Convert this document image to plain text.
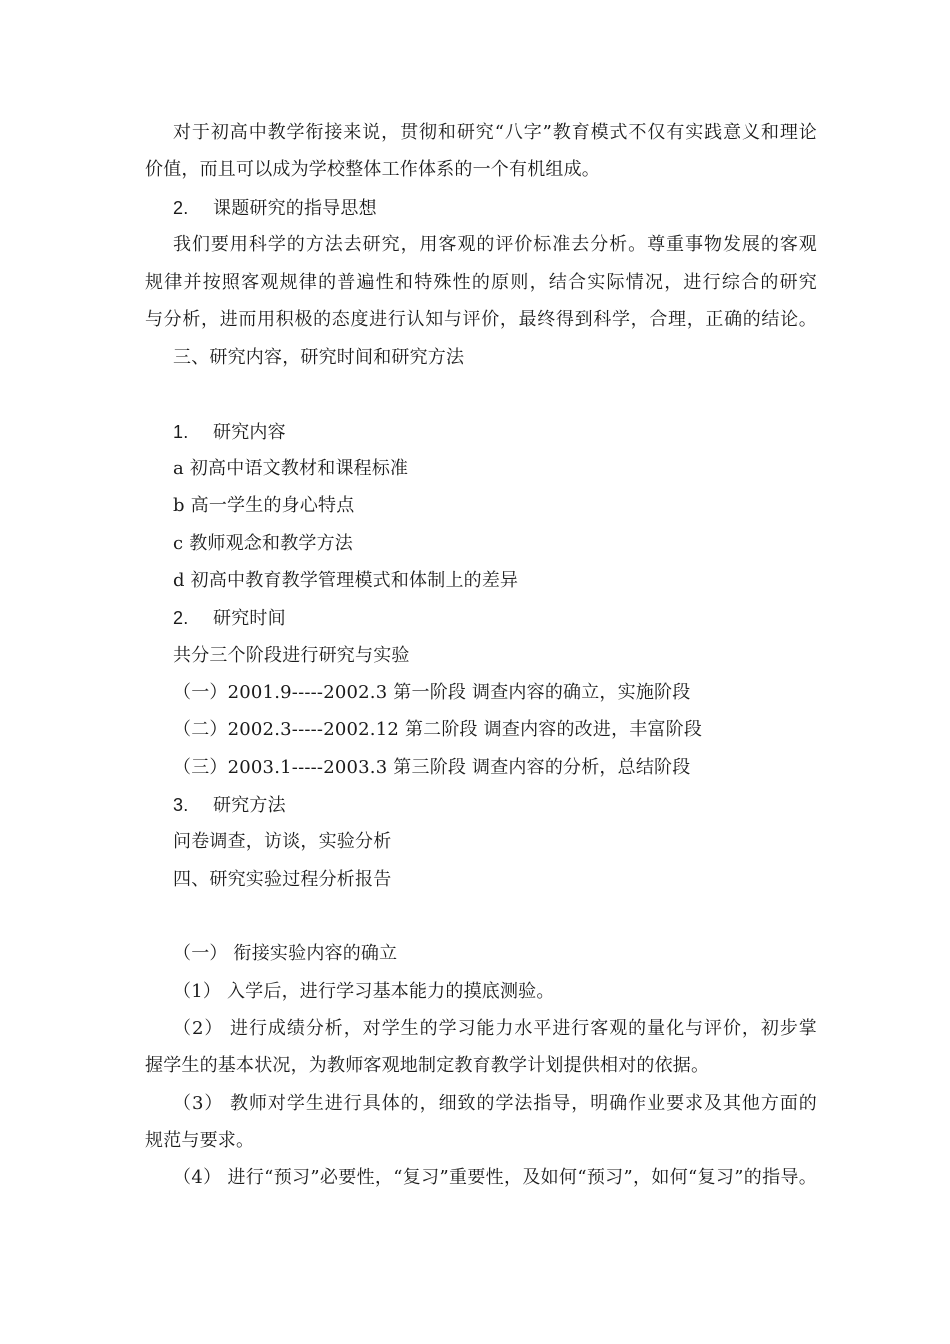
对于初高中教学衔接来说，贯彻和研究“八字”教育模式不仅有实践意义和理论
价值，而且可以成为学校整体工作体系的一个有机组成。
2. 课题研究的指导思想
我们要用科学的方法去研究，用客观的评价标准去分析。尊重事物发展的客观
规律并按照客观规律的普遍性和特殊性的原则，结合实际情况，进行综合的研究
与分析，进而用积极的态度进行认知与评价，最终得到科学，合理，正确的结论。
三、研究内容，研究时间和研究方法
1. 研究内容
a 初高中语文教材和课程标准
b 高一学生的身心特点
c 教师观念和教学方法
d 初高中教育教学管理模式和体制上的差异
2. 研究时间
共分三个阶段进行研究与实验
（一）2001.9-----2002.3 第一阶段 调查内容的确立，实施阶段
（二）2002.3-----2002.12 第二阶段 调查内容的改进，丰富阶段
（三）2003.1-----2003.3 第三阶段 调查内容的分析，总结阶段
3. 研究方法
问卷调查，访谈，实验分析
四、研究实验过程分析报告
（一） 衔接实验内容的确立
（1） 入学后，进行学习基本能力的摸底测验。
（2） 进行成绩分析，对学生的学习能力水平进行客观的量化与评价，初步掌
握学生的基本状况，为教师客观地制定教育教学计划提供相对的依据。
（3） 教师对学生进行具体的，细致的学法指导，明确作业要求及其他方面的
规范与要求。
（4） 进行“预习”必要性，“复习”重要性，及如何“预习”，如何“复习”的指导。
